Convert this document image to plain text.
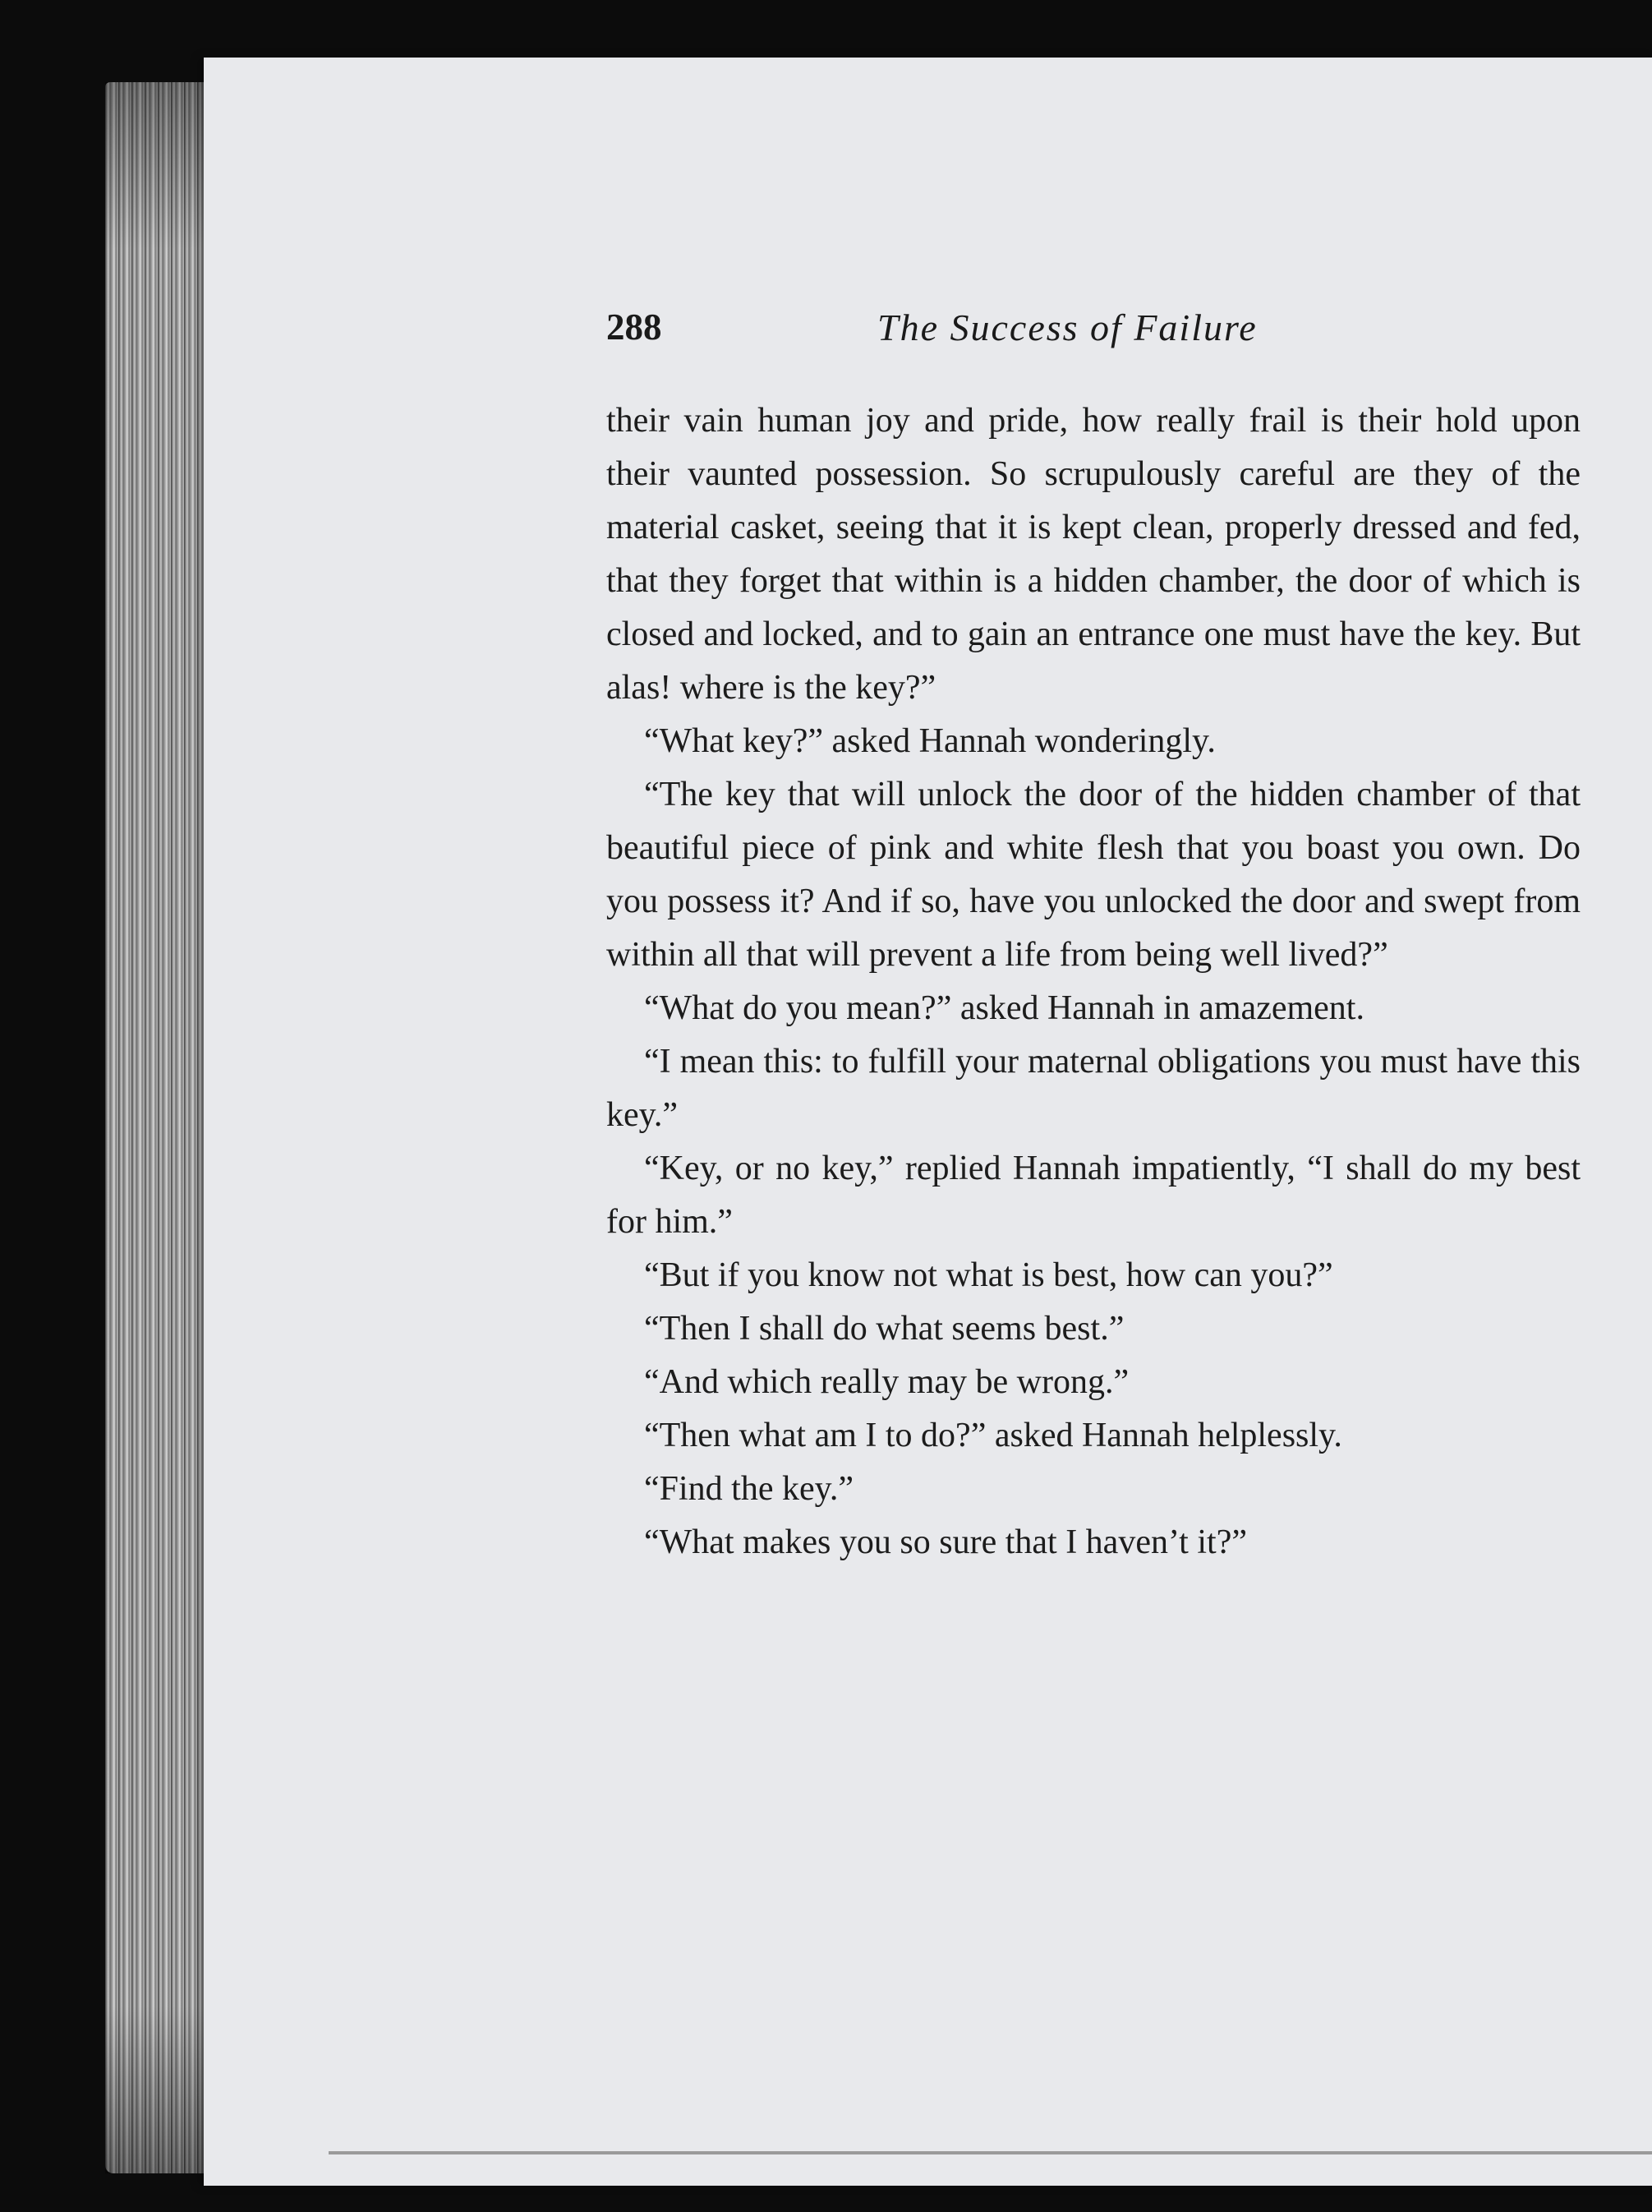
288	The Success of Failure

their vain human joy and pride, how really frail is their hold upon their vaunted possession. So scrupulously careful are they of the material casket, seeing that it is kept clean, properly dressed and fed, that they forget that within is a hidden chamber, the door of which is closed and locked, and to gain an entrance one must have the key. But alas! where is the key?”

“What key?” asked Hannah wonderingly.

“The key that will unlock the door of the hidden chamber of that beautiful piece of pink and white flesh that you boast you own. Do you possess it? And if so, have you unlocked the door and swept from within all that will prevent a life from being well lived?”

“What do you mean?” asked Hannah in amazement.

“I mean this: to fulfill your maternal obligations you must have this key.”

“Key, or no key,” replied Hannah impatiently, “I shall do my best for him.”

“But if you know not what is best, how can you?”

“Then I shall do what seems best.”

“And which really may be wrong.”

“Then what am I to do?” asked Hannah helplessly.

“Find the key.”

“What makes you so sure that I haven’t it?”
